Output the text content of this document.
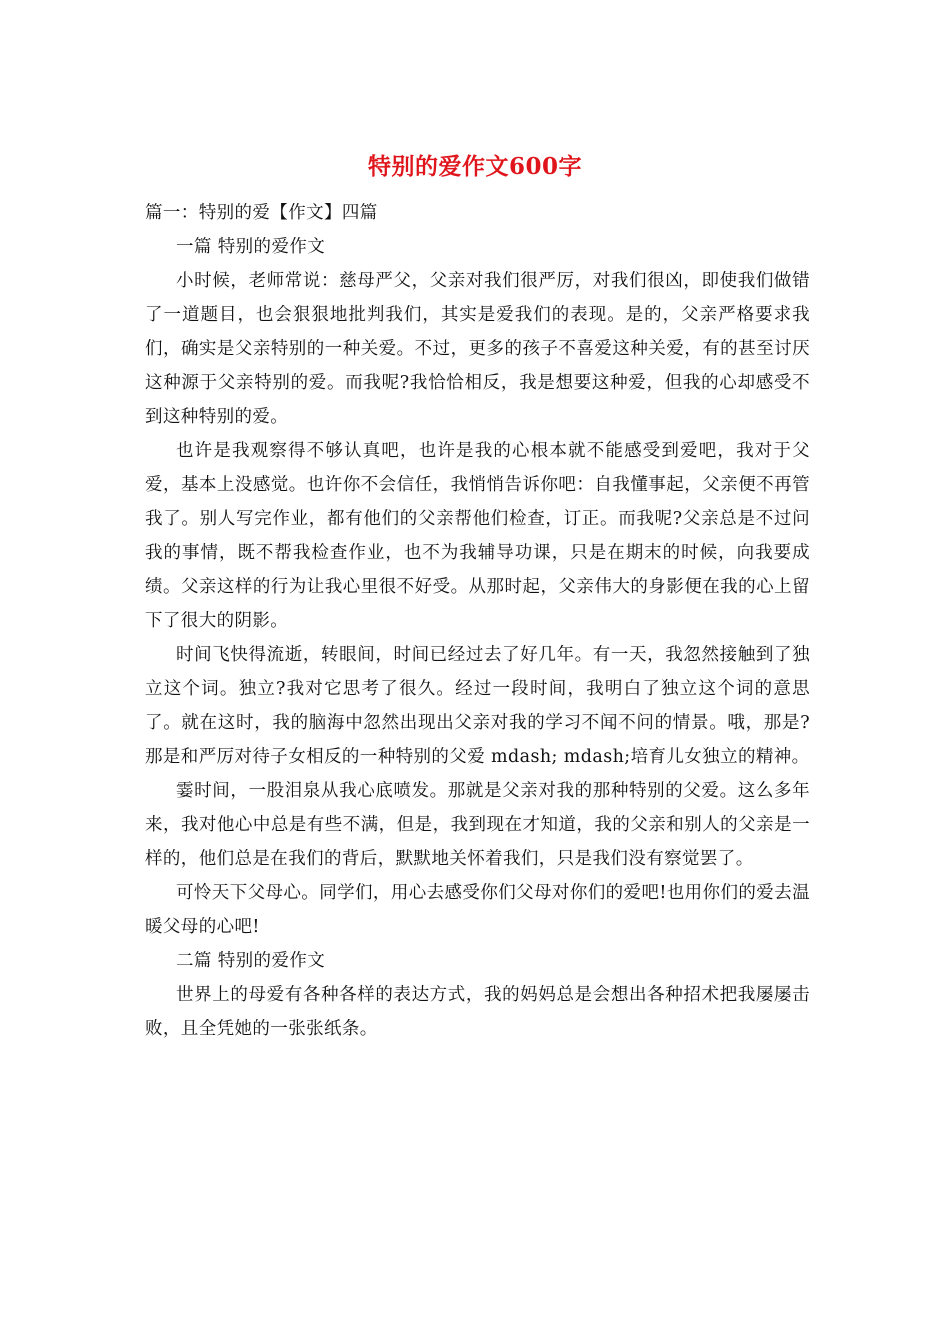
特别的爱作文600字

篇一：特别的爱【作文】四篇

一篇 特别的爱作文

小时候，老师常说：慈母严父，父亲对我们很严厉，对我们很凶，即使我们做错了一道题目，也会狠狠地批判我们，其实是爱我们的表现。是的，父亲严格要求我们，确实是父亲特别的一种关爱。不过，更多的孩子不喜爱这种关爱，有的甚至讨厌这种源于父亲特别的爱。而我呢?我恰恰相反，我是想要这种爱，但我的心却感受不到这种特别的爱。

也许是我观察得不够认真吧，也许是我的心根本就不能感受到爱吧，我对于父爱，基本上没感觉。也许你不会信任，我悄悄告诉你吧：自我懂事起，父亲便不再管我了。别人写完作业，都有他们的父亲帮他们检查，订正。而我呢?父亲总是不过问我的事情，既不帮我检查作业，也不为我辅导功课，只是在期末的时候，向我要成绩。父亲这样的行为让我心里很不好受。从那时起，父亲伟大的身影便在我的心上留下了很大的阴影。

时间飞快得流逝，转眼间，时间已经过去了好几年。有一天，我忽然接触到了独立这个词。独立?我对它思考了很久。经过一段时间，我明白了独立这个词的意思了。就在这时，我的脑海中忽然出现出父亲对我的学习不闻不问的情景。哦，那是?那是和严厉对待子女相反的一种特别的父爱 mdash; mdash;培育儿女独立的精神。

霎时间，一股泪泉从我心底喷发。那就是父亲对我的那种特别的父爱。这么多年来，我对他心中总是有些不满，但是，我到现在才知道，我的父亲和别人的父亲是一样的，他们总是在我们的背后，默默地关怀着我们，只是我们没有察觉罢了。

可怜天下父母心。同学们，用心去感受你们父母对你们的爱吧!也用你们的爱去温暖父母的心吧!

二篇 特别的爱作文

世界上的母爱有各种各样的表达方式，我的妈妈总是会想出各种招术把我屡屡击败，且全凭她的一张张纸条。
